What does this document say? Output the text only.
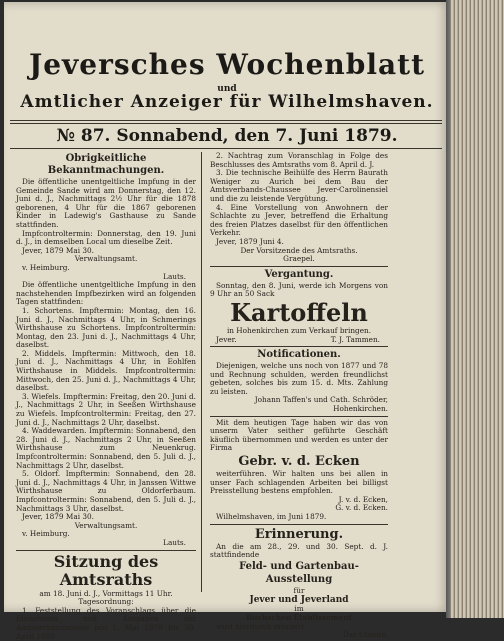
Jeversches Wochenblatt
und
Amtlicher Anzeiger für Wilhelmshaven.
№ 87. Sonnabend, den 7. Juni 1879.
Obrigkeitliche Bekanntmachungen.

Die öffentliche unentgeltliche Impfung in der Gemeinde Sande wird am Donnerstag, den 12. Juni d. J., Nachmittags 2½ Uhr für die 1878 geborenen, 4 Uhr für die 1867 geborenen Kinder in Ladewig's Gasthause zu Sande stattfinden.

Impfcontroltermin: Donnerstag, den 19. Juni d. J., in demselben Local um dieselbe Zeit.

Jever, 1879 Mai 30.

Verwaltungsamt.

v. Heimburg.

Lauts.

Die öffentliche unentgeltliche Impfung in den nachstehenden Impfbezirken wird an folgenden Tagen stattfinden:

1. Schortens. Impftermin: Montag, den 16. Juni d. J., Nachmittags 4 Uhr, in Schmerings Wirthshause zu Schortens. Impfcontroltermin: Montag, den 23. Juni d. J., Nachmittags 4 Uhr, daselbst.

2. Middels. Impftermin: Mittwoch, den 18. Juni d. J., Nachmittags 4 Uhr, in Eohlfen Wirthshause in Middels. Impfcontroltermin: Mittwoch, den 25. Juni d. J., Nachmittags 4 Uhr, daselbst.

3. Wiefels. Impftermin: Freitag, den 20. Juni d. J., Nachmittags 2 Uhr, in Seeßen Wirthshause zu Wiefels. Impfcontroltermin: Freitag, den 27. Juni d. J., Nachmittags 2 Uhr, daselbst.

4. Waddewarden. Impftermin: Sonnabend, den 28. Juni d. J., Nachmittags 2 Uhr, in Seeßen Wirthshause zum Neuenkrug. Impfcontroltermin: Sonnabend, den 5. Juli d. J., Nachmittags 2 Uhr, daselbst.

5. Oldorf. Impftermin: Sonnabend, den 28. Juni d. J., Nachmittags 4 Uhr, in Janssen Wittwe Wirthshause zu Oldorferbaum. Impfcontroltermin: Sonnabend, den 5. Juli d. J., Nachmittags 3 Uhr, daselbst.

Jever, 1879 Mai 30.

Verwaltungsamt.

v. Heimburg.

Lauts.

Sitzung des Amtsraths

am 18. Juni d. J., Vormittags 11 Uhr.

Tagesordnung:

1. Feststellung des Voranschlags über die Einnahmen und Ausgaben der Amtsverbandscasse pro 1. Mai 1879 bis 30. April 1880.

2. Nachtrag zum Voranschlag in Folge des Beschlusses des Amtsraths vom 8. April d. J.

3. Die technische Beihülfe des Herrn Baurath Weniger zu Aurich bei dem Bau der Amtsverbands-Chaussee Jever-Carolinensiel und die zu leistende Vergütung.

4. Eine Vorstellung von Anwohnern der Schlachte zu Jever, betreffend die Erhaltung des freien Platzes daselbst für den öffentlichen Verkehr.

Jever, 1879 Juni 4.

Der Vorsitzende des Amtsraths.

Graepel.

Vergantung.

Sonntag, den 8. Juni, werde ich Morgens von 9 Uhr an 50 Sack

Kartoffeln

in Hohenkirchen zum Verkauf bringen.

Jever.	T. J. Tammen.

Notificationen.

Diejenigen, welche uns noch von 1877 und 78 und Rechnung schulden, werden freundlichst gebeten, solches bis zum 15. d. Mts. Zahlung zu leisten.

Johann Taffen's und Cath. Schröder,

Hohenkirchen.

Mit dem heutigen Tage haben wir das von unserm Vater seither geführte Geschäft käuflich übernommen und werden es unter der Firma

Gebr. v. d. Ecken

weiterführen. Wir halten uns bei allen in unser Fach schlagenden Arbeiten bei billigst Preisstellung bestens empfohlen.

J. v. d. Ecken,

G. v. d. Ecken.

Wilhelmshaven, im Juni 1879.

Erinnerung.

An die am 28., 29. und 30. Sept. d. J. stattfindende

Feld- und Gartenbau-
Ausstellung

für

Jever und Jeverland

im

Buchschen Etablissement

wird hierdurch erinnert.

Das Comite.
